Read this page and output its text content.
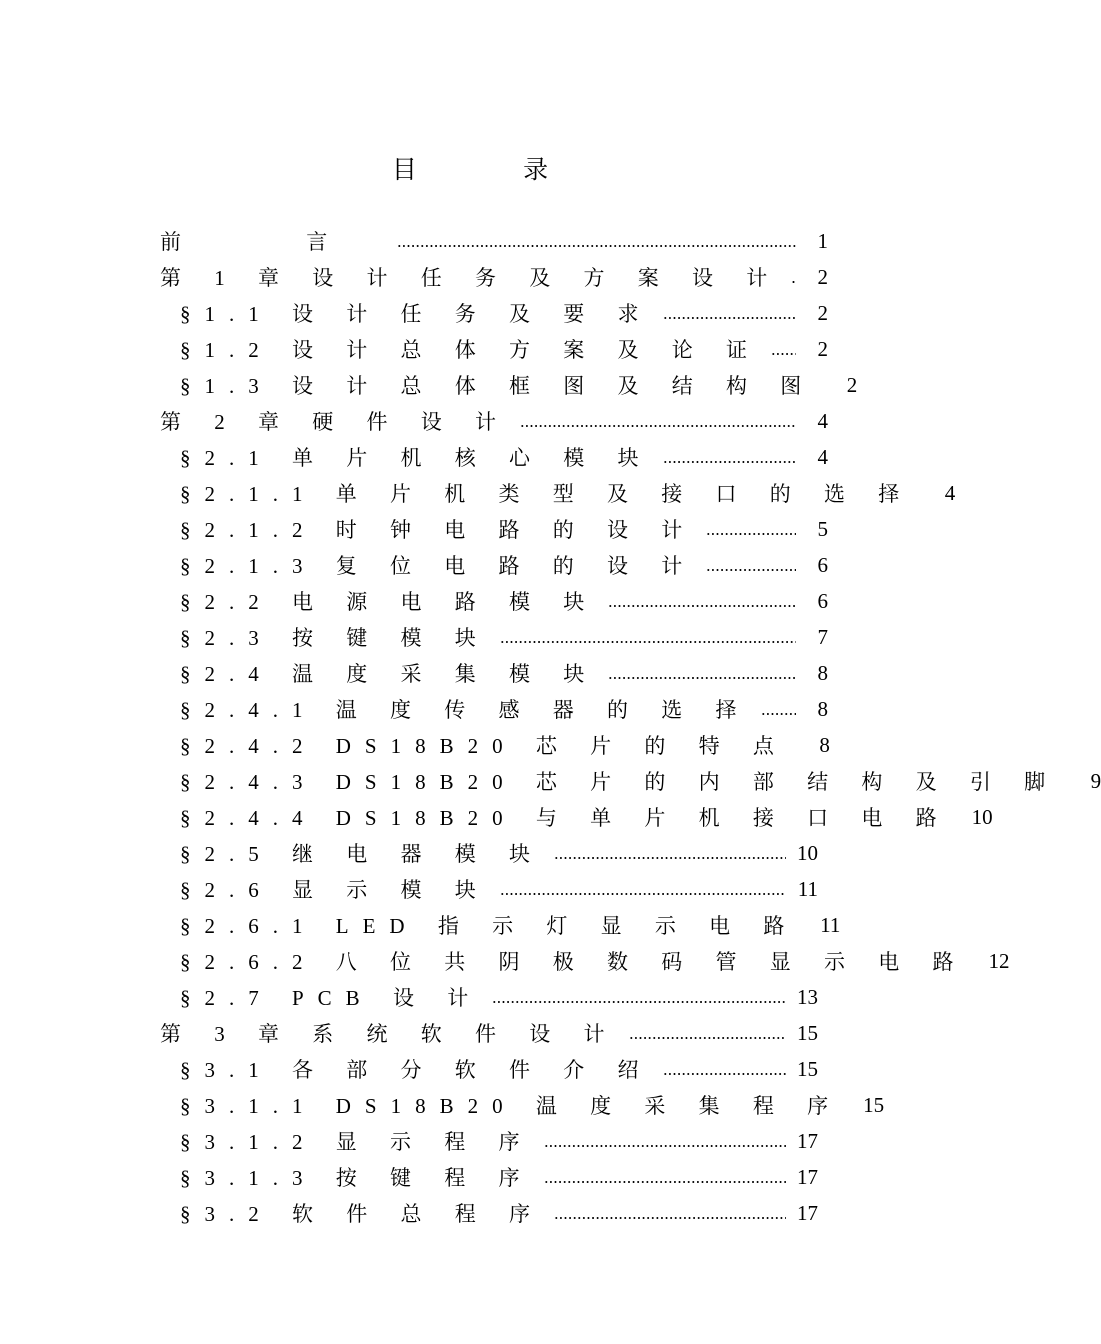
目 录
前 言	1
第 1 章 设 计 任 务 及 方 案 设 计	2
§1.1 设 计 任 务 及 要 求	2
§1.2 设 计 总 体 方 案 及 论 证	2
§1.3 设 计 总 体 框 图 及 结 构 图	2
第 2 章 硬 件 设 计	4
§2.1 单 片 机 核 心 模 块	4
§2.1.1 单 片 机 类 型 及 接 口 的 选 择	4
§2.1.2 时 钟 电 路 的 设 计	5
§2.1.3 复 位 电 路 的 设 计	6
§2.2 电 源 电 路 模 块	6
§2.3 按 键 模 块	7
§2.4 温 度 采 集 模 块	8
§2.4.1 温 度 传 感 器 的 选 择	8
§2.4.2 DS18B20 芯 片 的 特 点	8
§2.4.3 DS18B20 芯 片 的 内 部 结 构 及 引 脚	9
§2.4.4 DS18B20 与 单 片 机 接 口 电 路 10
§2.5 继 电 器 模 块	10
§2.6 显 示 模 块	11
§2.6.1 LED 指 示 灯 显 示 电 路 11
§2.6.2 八 位 共 阴 极 数 码 管 显 示 电 路 12
§2.7 PCB 设 计	13
第 3 章 系 统 软 件 设 计	15
§3.1 各 部 分 软 件 介 绍	15
§3.1.1 DS18B20 温 度 采 集 程 序 15
§3.1.2 显 示 程 序	17
§3.1.3 按 键 程 序	17
§3.2 软 件 总 程 序	17
